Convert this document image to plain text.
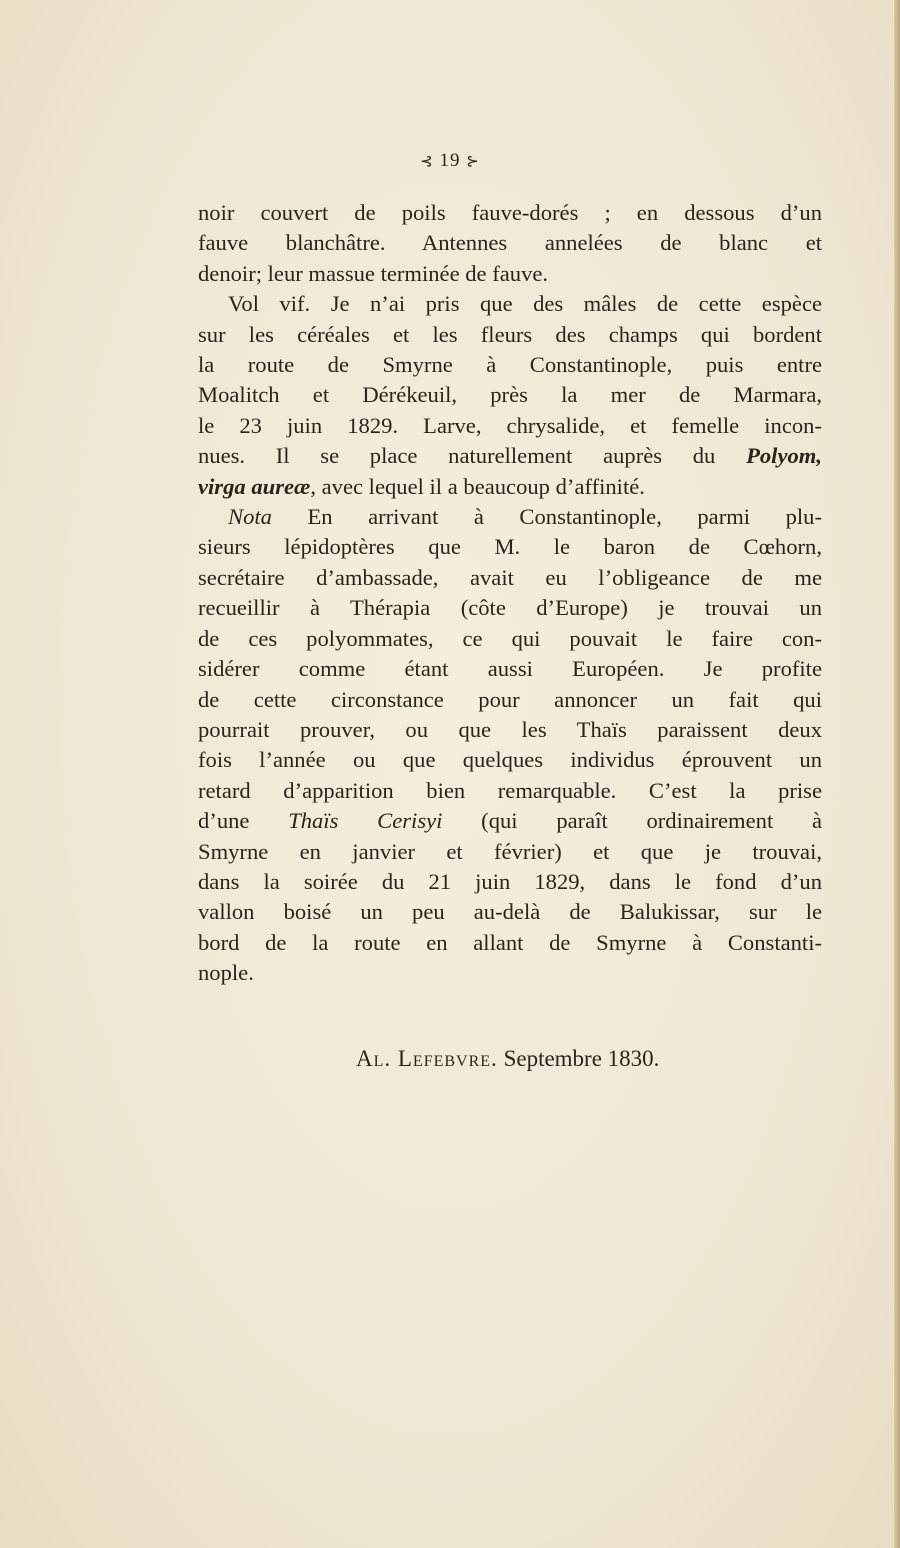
⊰ 19 ⊱
noir couvert de poils fauve-dorés ; en dessous d’un
fauve blanchâtre. Antennes annelées de blanc et
denoir; leur massue terminée de fauve.
Vol vif. Je n’ai pris que des mâles de cette espèce
sur les céréales et les fleurs des champs qui bordent
la route de Smyrne à Constantinople, puis entre
Moalitch et Dérékeuil, près la mer de Marmara,
le 23 juin 1829. Larve, chrysalide, et femelle incon-
nues. Il se place naturellement auprès du Polyom,
virga aureæ, avec lequel il a beaucoup d’affinité.
Nota En arrivant à Constantinople, parmi plu-
sieurs lépidoptères que M. le baron de Cœhorn,
secrétaire d’ambassade, avait eu l’obligeance de me
recueillir à Thérapia (côte d’Europe) je trouvai un
de ces polyommates, ce qui pouvait le faire con-
sidérer comme étant aussi Européen. Je profite
de cette circonstance pour annoncer un fait qui
pourrait prouver, ou que les Thaïs paraissent deux
fois l’année ou que quelques individus éprouvent un
retard d’apparition bien remarquable. C’est la prise
d’une Thaïs Cerisyi (qui paraît ordinairement à
Smyrne en janvier et février) et que je trouvai,
dans la soirée du 21 juin 1829, dans le fond d’un
vallon boisé un peu au-delà de Balukissar, sur le
bord de la route en allant de Smyrne à Constanti-
nople.
Al. Lefebvre. Septembre 1830.
